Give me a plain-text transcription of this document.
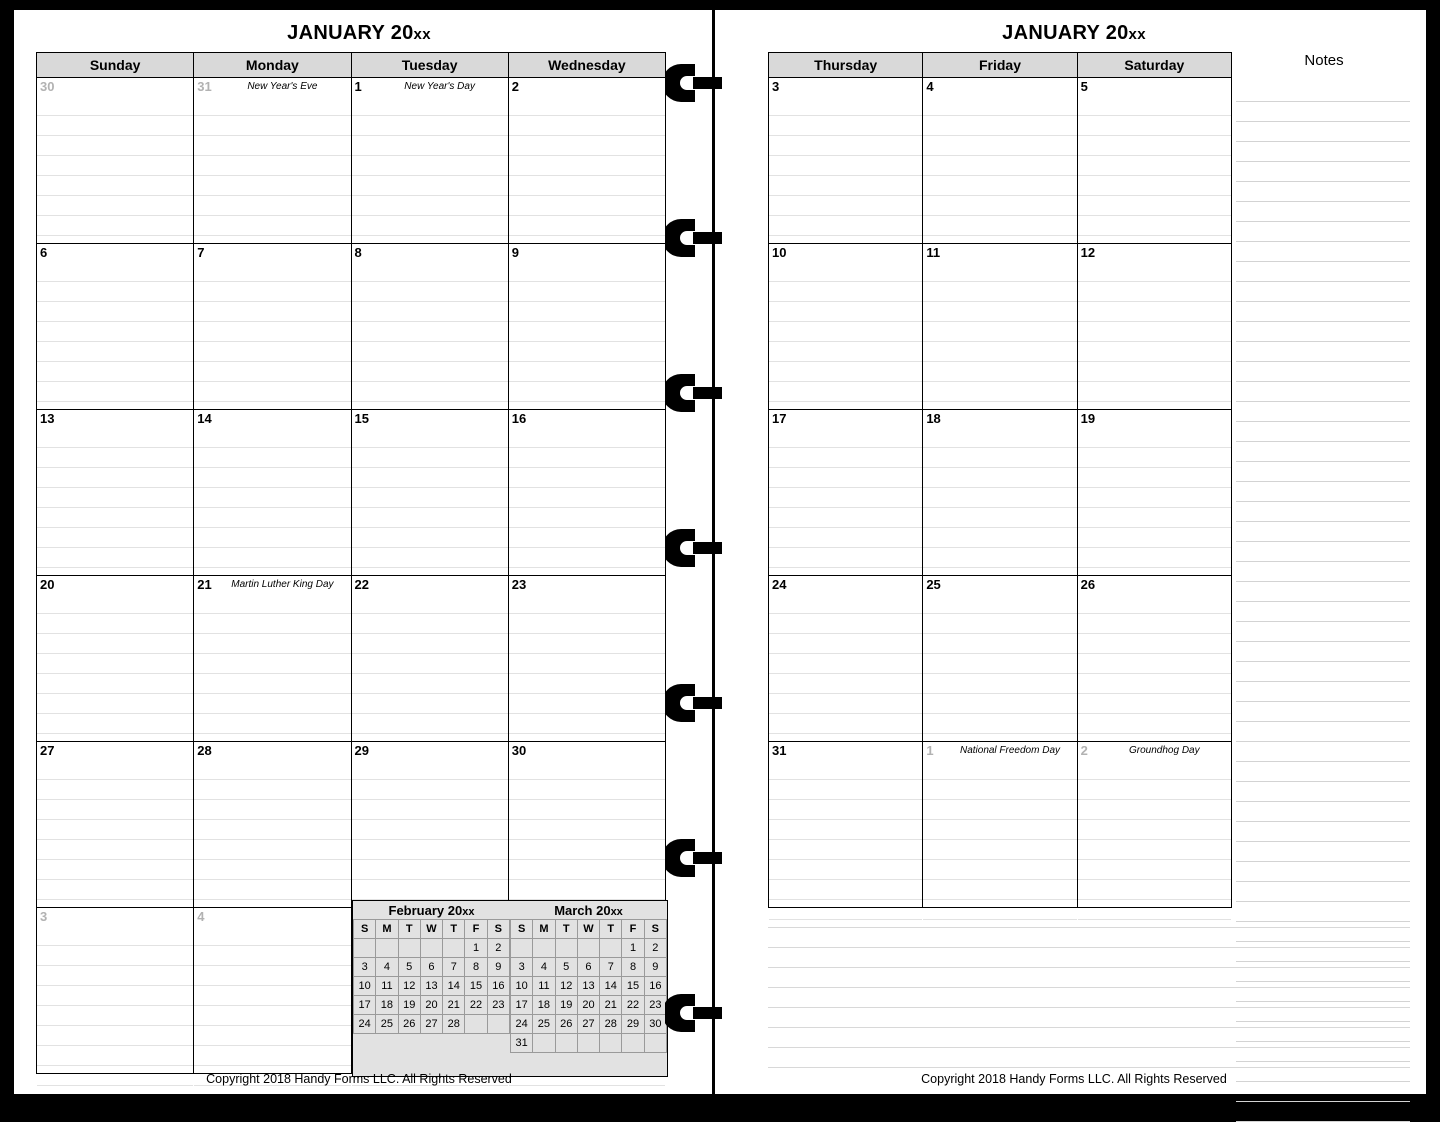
JANUARY 20xx
Sunday	Monday	Tuesday	Wednesday

30	31 New Year's Eve	1 New Year's Day	2

6	7	8	9

13	14	15	16

20	21 Martin Luther King Day	22	23

27	28	29	30

3	4		

		February 20xx
S	M	T	W	T	F	S
					1	2
3	4	5	6	7	8	9
10	11	12	13	14	15	16
17	18	19	20	21	22	23
24	25	26	27	28		
March 20xx
S	M	T	W	T	F	S
					1	2
3	4	5	6	7	8	9
10	11	12	13	14	15	16
17	18	19	20	21	22	23
24	25	26	27	28	29	30
31						
Copyright 2018 Handy Forms LLC. All Rights Reserved
JANUARY 20xx
Thursday	Friday	Saturday

3	4	5

10	11	12

17	18	19

24	25	26

31	1 National Freedom Day	2 Groundhog Day
Notes
Copyright 2018 Handy Forms LLC. All Rights Reserved
